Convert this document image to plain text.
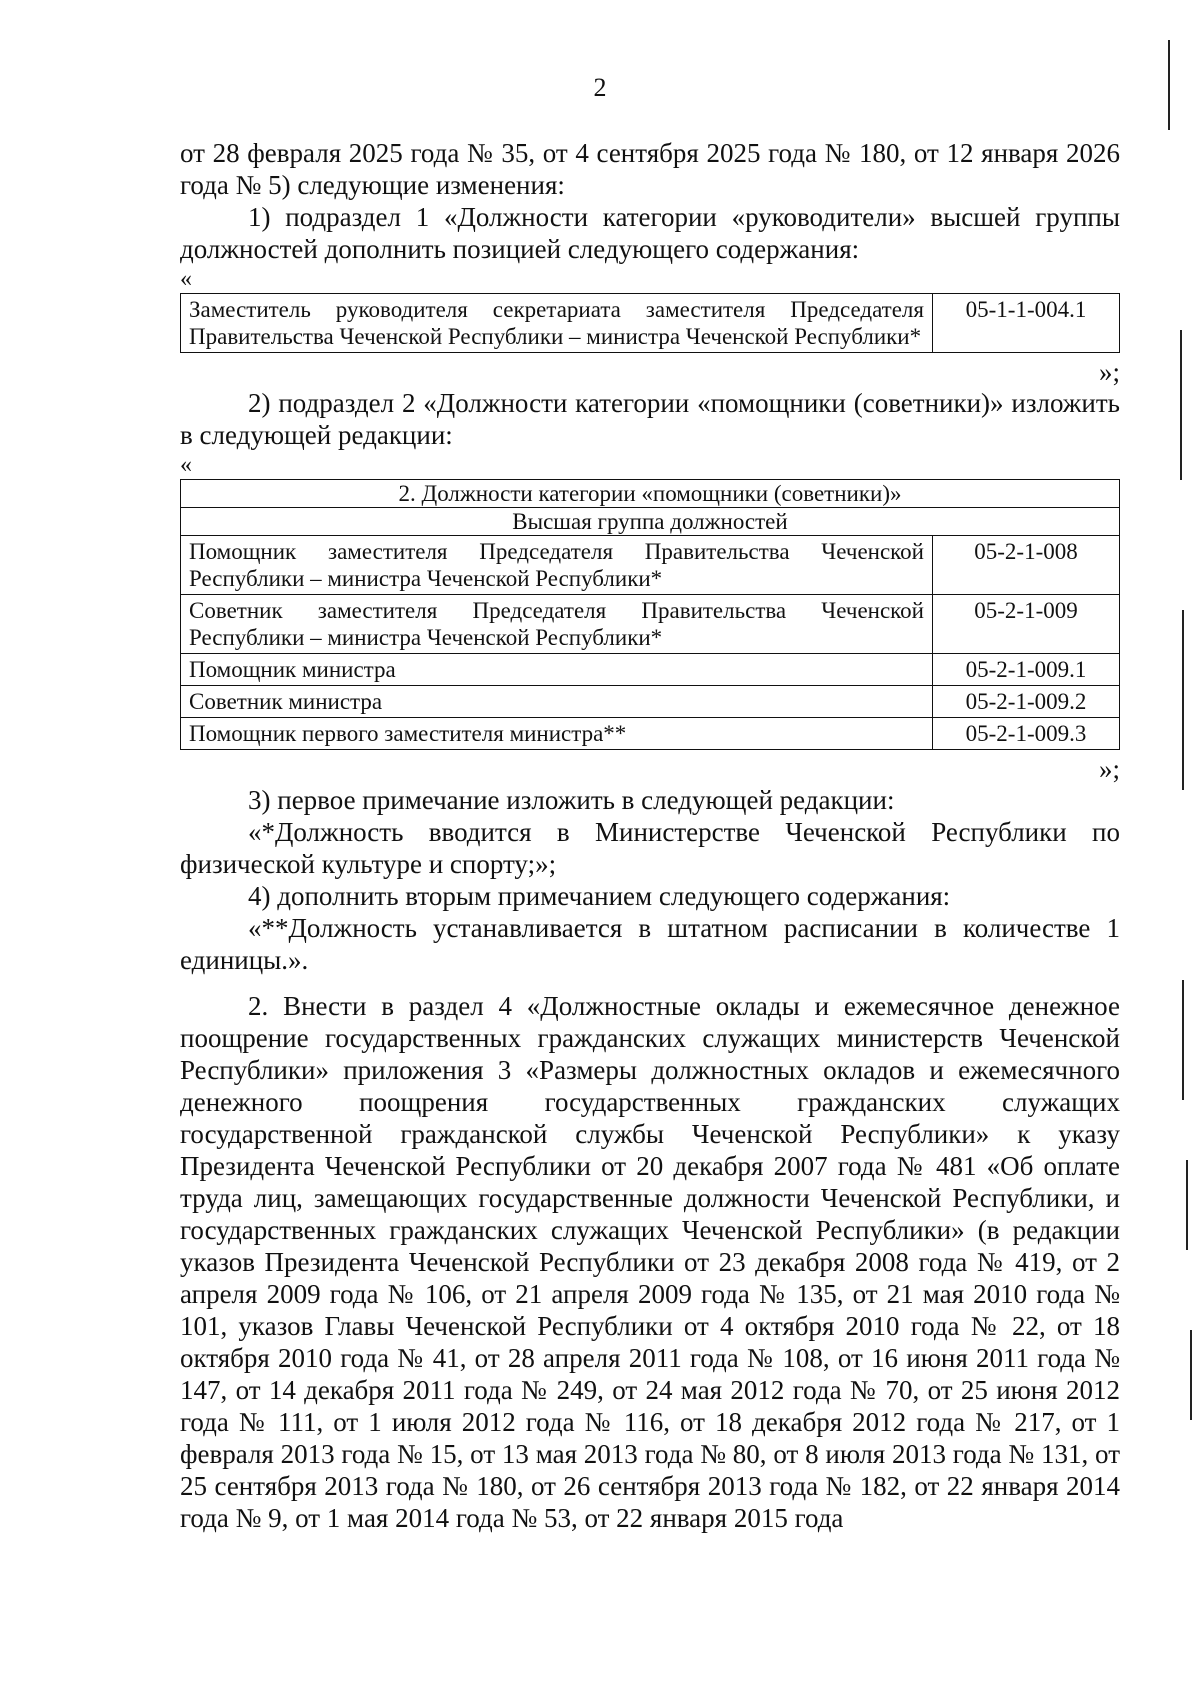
2

от 28 февраля 2025 года № 35, от 4 сентября 2025 года № 180, от 12 января 2026 года № 5) следующие изменения:

1) подраздел 1 «Должности категории «руководители» высшей группы должностей дополнить позицией следующего содержания:

«
Заместитель руководителя секретариата заместителя Председателя Правительства Чеченской Республики – министра Чеченской Республики*	05-1-1-004.1
»;

2) подраздел 2 «Должности категории «помощники (советники)» изложить в следующей редакции:

«
2. Должности категории «помощники (советники)»	
Высшая группа должностей	
Помощник заместителя Председателя Правительства Чеченской Республики – министра Чеченской Республики*	05-2-1-008
Советник заместителя Председателя Правительства Чеченской Республики – министра Чеченской Республики*	05-2-1-009
Помощник министра	05-2-1-009.1
Советник министра	05-2-1-009.2
Помощник первого заместителя министра**	05-2-1-009.3
»;

3) первое примечание изложить в следующей редакции:

«*Должность вводится в Министерстве Чеченской Республики по физической культуре и спорту;»;

4) дополнить вторым примечанием следующего содержания:

«**Должность устанавливается в штатном расписании в количестве 1 единицы.».

2. Внести в раздел 4 «Должностные оклады и ежемесячное денежное поощрение государственных гражданских служащих министерств Чеченской Республики» приложения 3 «Размеры должностных окладов и ежемесячного денежного поощрения государственных гражданских служащих государственной гражданской службы Чеченской Республики» к указу Президента Чеченской Республики от 20 декабря 2007 года № 481 «Об оплате труда лиц, замещающих государственные должности Чеченской Республики, и государственных гражданских служащих Чеченской Республики» (в редакции указов Президента Чеченской Республики от 23 декабря 2008 года № 419, от 2 апреля 2009 года № 106, от 21 апреля 2009 года № 135, от 21 мая 2010 года № 101, указов Главы Чеченской Республики от 4 октября 2010 года № 22, от 18 октября 2010 года № 41, от 28 апреля 2011 года № 108, от 16 июня 2011 года № 147, от 14 декабря 2011 года № 249, от 24 мая 2012 года № 70, от 25 июня 2012 года № 111, от 1 июля 2012 года № 116, от 18 декабря 2012 года № 217, от 1 февраля 2013 года № 15, от 13 мая 2013 года № 80, от 8 июля 2013 года № 131, от 25 сентября 2013 года № 180, от 26 сентября 2013 года № 182, от 22 января 2014 года № 9, от 1 мая 2014 года № 53, от 22 января 2015 года
